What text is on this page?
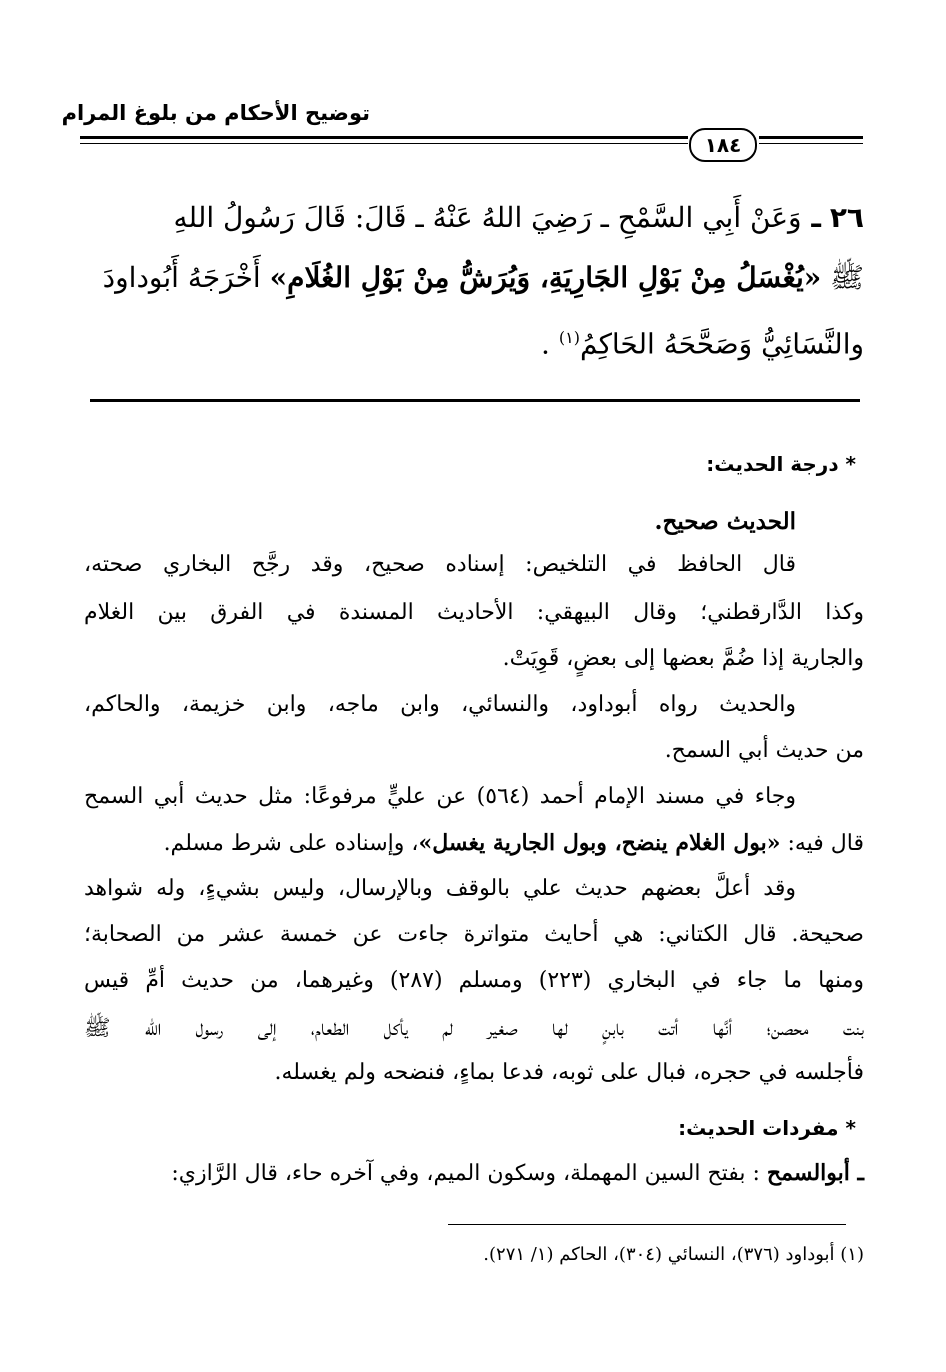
توضيح الأحكام من بلوغ المرام
١٨٤
٢٦ ـ وَعَنْ أَبِي السَّمْحِ ـ رَضِيَ اللهُ عَنْهُ ـ قَالَ: قَالَ رَسُولُ اللهِ
ﷺ «يُغْسَلُ مِنْ بَوْلِ الجَارِيَةِ، وَيُرَشُّ مِنْ بَوْلِ الغُلَامِ» أَخْرَجَهُ أَبُوداودَ
والنَّسَائِيُّ وَصَحَّحَهُ الحَاكِمُ$^{(١)}$ .
* درجة الحديث:
الحديث صحيح.
قال الحافظ في التلخيص: إسناده صحيح، وقد رجَّح البخاري صحته،
وكذا الدَّارقطني؛ وقال البيهقي: الأحاديث المسندة في الفرق بين الغلام
والجارية إذا ضُمَّ بعضها إلى بعضٍ، قَوِيَتْ.
والحديث رواه أبوداود، والنسائي، وابن ماجه، وابن خزيمة، والحاكم،
من حديث أبي السمح.
وجاء في مسند الإمام أحمد (٥٦٤) عن عليٍّ مرفوعًا: مثل حديث أبي السمح
قال فيه: «بول الغلام ينضح، وبول الجارية يغسل»، وإسناده على شرط مسلم.
وقد أعلَّ بعضهم حديث علي بالوقف وبالإرسال، وليس بشيءٍ، وله شواهد
صحيحة. قال الكتاني: هي أحايث متواترة جاءت عن خمسة عشر من الصحابة؛
ومنها ما جاء في البخاري (٢٢٣) ومسلم (٢٨٧) وغيرهما، من حديث أمِّ قيس
بنت محصن؛ أنَّها أتت بابنٍ لها صغير لم يأكل الطعام، إلى رسول الله ﷺ
فأجلسه في حجره، فبال على ثوبه، فدعا بماءٍ، فنضحه ولم يغسله.
* مفردات الحديث:
ـ أبوالسمح : بفتح السين المهملة، وسكون الميم، وفي آخره حاء، قال الرَّازي:
(١) أبوداود (٣٧٦)، النسائي (٣٠٤)، الحاكم (١/ ٢٧١).
